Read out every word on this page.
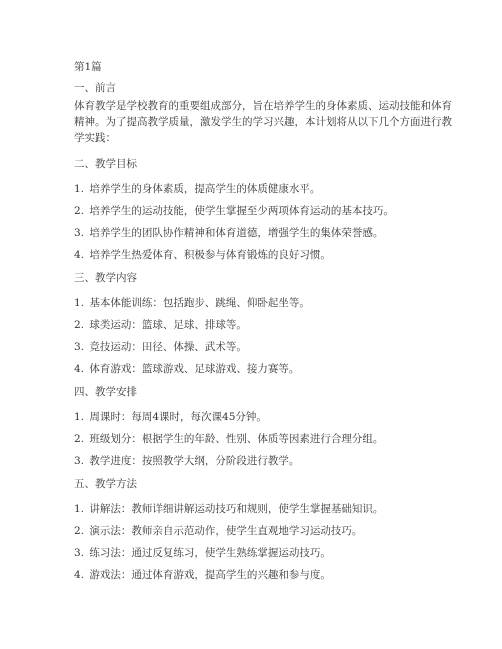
第1篇
一、前言
体育教学是学校教育的重要组成部分，旨在培养学生的身体素质、运动技能和体育
精神。为了提高教学质量，激发学生的学习兴趣，本计划将从以下几个方面进行教
学实践：
二、教学目标
1. 培养学生的身体素质，提高学生的体质健康水平。
2. 培养学生的运动技能，使学生掌握至少两项体育运动的基本技巧。
3. 培养学生的团队协作精神和体育道德，增强学生的集体荣誉感。
4. 培养学生热爱体育、积极参与体育锻炼的良好习惯。
三、教学内容
1. 基本体能训练：包括跑步、跳绳、仰卧起坐等。
2. 球类运动：篮球、足球、排球等。
3. 竞技运动：田径、体操、武术等。
4. 体育游戏：篮球游戏、足球游戏、接力赛等。
四、教学安排
1. 周课时：每周4课时，每次课45分钟。
2. 班级划分：根据学生的年龄、性别、体质等因素进行合理分组。
3. 教学进度：按照教学大纲，分阶段进行教学。
五、教学方法
1. 讲解法：教师详细讲解运动技巧和规则，使学生掌握基础知识。
2. 演示法：教师亲自示范动作，使学生直观地学习运动技巧。
3. 练习法：通过反复练习，使学生熟练掌握运动技巧。
4. 游戏法：通过体育游戏，提高学生的兴趣和参与度。
